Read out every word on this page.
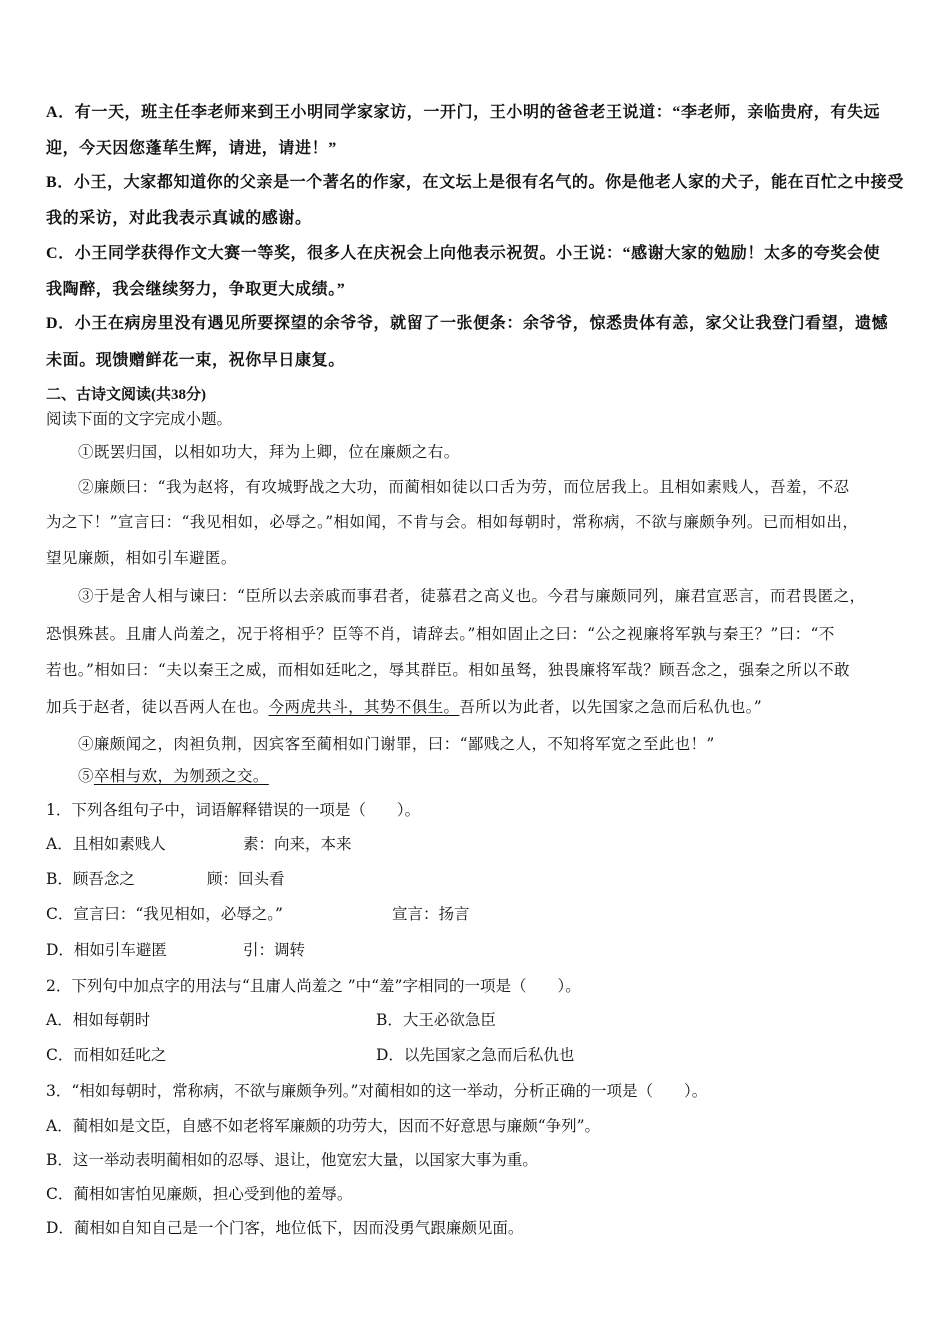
A．有一天，班主任李老师来到王小明同学家家访，一开门，王小明的爸爸老王说道：“李老师，亲临贵府，有失远
迎，今天因您蓬荜生辉，请进，请进！”
B．小王，大家都知道你的父亲是一个著名的作家，在文坛上是很有名气的。你是他老人家的犬子，能在百忙之中接受
我的采访，对此我表示真诚的感谢。
C．小王同学获得作文大赛一等奖，很多人在庆祝会上向他表示祝贺。小王说：“感谢大家的勉励！太多的夸奖会使
我陶醉，我会继续努力，争取更大成绩。”
D．小王在病房里没有遇见所要探望的余爷爷，就留了一张便条：余爷爷，惊悉贵体有恙，家父让我登门看望，遗憾
未面。现馈赠鲜花一束，祝你早日康复。
二、古诗文阅读(共38分)
阅读下面的文字完成小题。
①既罢归国，以相如功大，拜为上卿，位在廉颇之右。
②廉颇曰：“我为赵将，有攻城野战之大功，而蔺相如徒以口舌为劳，而位居我上。且相如素贱人，吾羞，不忍
为之下！”宣言曰：“我见相如，必辱之。”相如闻，不肯与会。相如每朝时，常称病，不欲与廉颇争列。已而相如出，
望见廉颇，相如引车避匿。
③于是舍人相与谏曰：“臣所以去亲戚而事君者，徒慕君之高义也。今君与廉颇同列，廉君宣恶言，而君畏匿之，
恐惧殊甚。且庸人尚羞之，况于将相乎？臣等不肖，请辞去。”相如固止之曰：“公之视廉将军孰与秦王？”曰：“不
若也。”相如曰：“夫以秦王之威，而相如廷叱之，辱其群臣。相如虽驽，独畏廉将军哉？顾吾念之，强秦之所以不敢
加兵于赵者，徒以吾两人在也。今两虎共斗，其势不俱生。吾所以为此者，以先国家之急而后私仇也。”
④廉颇闻之，肉袒负荆，因宾客至蔺相如门谢罪，曰：“鄙贱之人，不知将军宽之至此也！”
⑤卒相与欢，为刎颈之交。
1．下列各组句子中，词语解释错误的一项是（　　）。
A．且相如素贱人	素：向来，本来
B．顾吾念之	顾：回头看
C．宣言曰：“我见相如，必辱之。”	宣言：扬言
D．相如引车避匿	引：调转
2．下列句中加点字的用法与“且庸人尚羞之 ”中“羞”字相同的一项是（　　）。
A．相如每朝时	B．大王必欲急臣
C．而相如廷叱之	D．以先国家之急而后私仇也
3．“相如每朝时，常称病，不欲与廉颇争列。”对蔺相如的这一举动，分析正确的一项是（　　）。
A．蔺相如是文臣，自感不如老将军廉颇的功劳大，因而不好意思与廉颇“争列”。
B．这一举动表明蔺相如的忍辱、退让，他宽宏大量，以国家大事为重。
C．蔺相如害怕见廉颇，担心受到他的羞辱。
D．蔺相如自知自己是一个门客，地位低下，因而没勇气跟廉颇见面。
